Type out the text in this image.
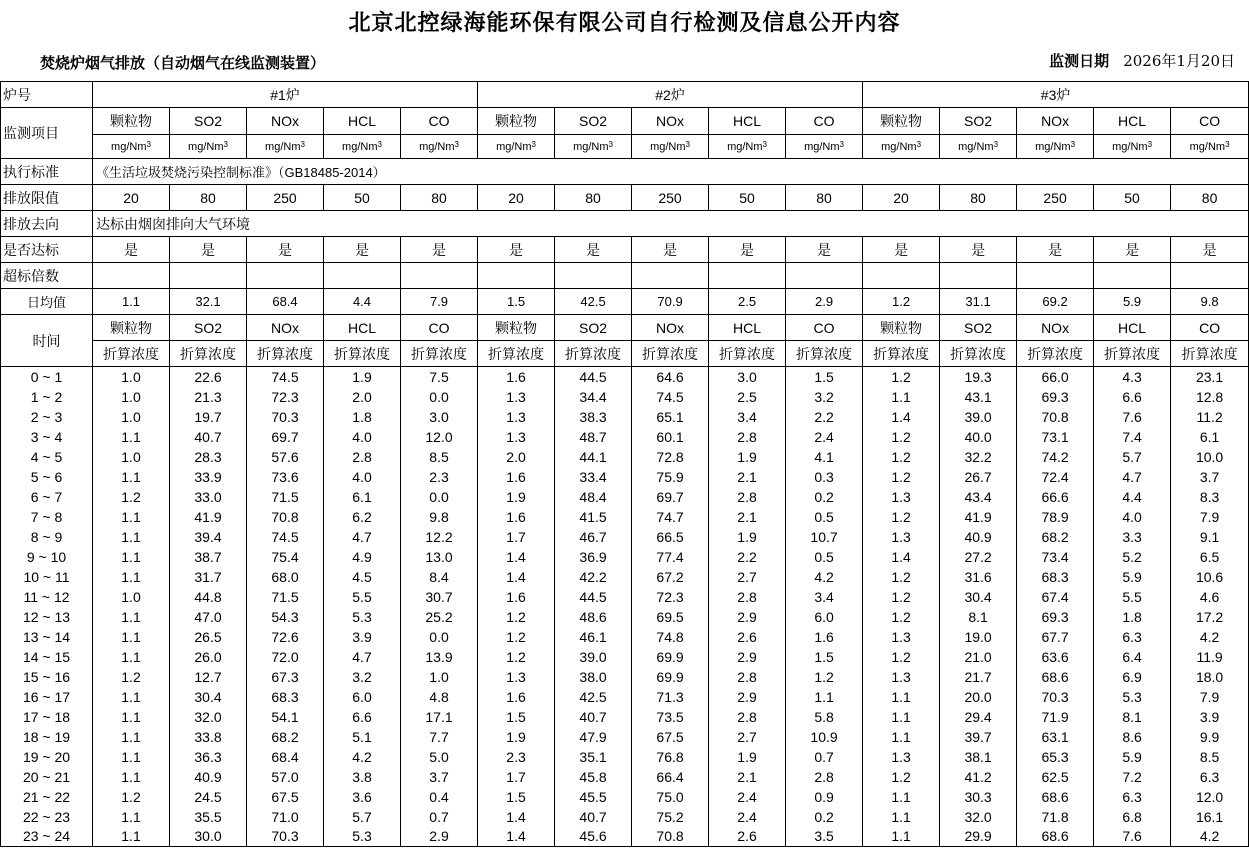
北京北控绿海能环保有限公司自行检测及信息公开内容
焚烧炉烟气排放（自动烟气在线监测装置）	监测日期 2026年1月20日
炉号	#1炉					#2炉					#3炉				
监测项目	颗粒物	SO2	NOx	HCL	CO	颗粒物	SO2	NOx	HCL	CO	颗粒物	SO2	NOx	HCL	CO
	mg/Nm$^3$	mg/Nm$^3$	mg/Nm$^3$	mg/Nm$^3$	mg/Nm$^3$	mg/Nm$^3$	mg/Nm$^3$	mg/Nm$^3$	mg/Nm$^3$	mg/Nm$^3$	mg/Nm$^3$	mg/Nm$^3$	mg/Nm$^3$	mg/Nm$^3$	mg/Nm$^3$
执行标准	《生活垃圾焚烧污染控制标准》（GB18485-2014）														
排放限值	20	80	250	50	80	20	80	250	50	80	20	80	250	50	80
排放去向	达标由烟囱排向大气环境														
是否达标	是	是	是	是	是	是	是	是	是	是	是	是	是	是	是
超标倍数															
日均值	1.1	32.1	68.4	4.4	7.9	1.5	42.5	70.9	2.5	2.9	1.2	31.1	69.2	5.9	9.8
时间	颗粒物	SO2	NOx	HCL	CO	颗粒物	SO2	NOx	HCL	CO	颗粒物	SO2	NOx	HCL	CO
	折算浓度	折算浓度	折算浓度	折算浓度	折算浓度	折算浓度	折算浓度	折算浓度	折算浓度	折算浓度	折算浓度	折算浓度	折算浓度	折算浓度	折算浓度
0 ~ 1	1.0	22.6	74.5	1.9	7.5	1.6	44.5	64.6	3.0	1.5	1.2	19.3	66.0	4.3	23.1
1 ~ 2	1.0	21.3	72.3	2.0	0.0	1.3	34.4	74.5	2.5	3.2	1.1	43.1	69.3	6.6	12.8
2 ~ 3	1.0	19.7	70.3	1.8	3.0	1.3	38.3	65.1	3.4	2.2	1.4	39.0	70.8	7.6	11.2
3 ~ 4	1.1	40.7	69.7	4.0	12.0	1.3	48.7	60.1	2.8	2.4	1.2	40.0	73.1	7.4	6.1
4 ~ 5	1.0	28.3	57.6	2.8	8.5	2.0	44.1	72.8	1.9	4.1	1.2	32.2	74.2	5.7	10.0
5 ~ 6	1.1	33.9	73.6	4.0	2.3	1.6	33.4	75.9	2.1	0.3	1.2	26.7	72.4	4.7	3.7
6 ~ 7	1.2	33.0	71.5	6.1	0.0	1.9	48.4	69.7	2.8	0.2	1.3	43.4	66.6	4.4	8.3
7 ~ 8	1.1	41.9	70.8	6.2	9.8	1.6	41.5	74.7	2.1	0.5	1.2	41.9	78.9	4.0	7.9
8 ~ 9	1.1	39.4	74.5	4.7	12.2	1.7	46.7	66.5	1.9	10.7	1.3	40.9	68.2	3.3	9.1
9 ~ 10	1.1	38.7	75.4	4.9	13.0	1.4	36.9	77.4	2.2	0.5	1.4	27.2	73.4	5.2	6.5
10 ~ 11	1.1	31.7	68.0	4.5	8.4	1.4	42.2	67.2	2.7	4.2	1.2	31.6	68.3	5.9	10.6
11 ~ 12	1.0	44.8	71.5	5.5	30.7	1.6	44.5	72.3	2.8	3.4	1.2	30.4	67.4	5.5	4.6
12 ~ 13	1.1	47.0	54.3	5.3	25.2	1.2	48.6	69.5	2.9	6.0	1.2	8.1	69.3	1.8	17.2
13 ~ 14	1.1	26.5	72.6	3.9	0.0	1.2	46.1	74.8	2.6	1.6	1.3	19.0	67.7	6.3	4.2
14 ~ 15	1.1	26.0	72.0	4.7	13.9	1.2	39.0	69.9	2.9	1.5	1.2	21.0	63.6	6.4	11.9
15 ~ 16	1.2	12.7	67.3	3.2	1.0	1.3	38.0	69.9	2.8	1.2	1.3	21.7	68.6	6.9	18.0
16 ~ 17	1.1	30.4	68.3	6.0	4.8	1.6	42.5	71.3	2.9	1.1	1.1	20.0	70.3	5.3	7.9
17 ~ 18	1.1	32.0	54.1	6.6	17.1	1.5	40.7	73.5	2.8	5.8	1.1	29.4	71.9	8.1	3.9
18 ~ 19	1.1	33.8	68.2	5.1	7.7	1.9	47.9	67.5	2.7	10.9	1.1	39.7	63.1	8.6	9.9
19 ~ 20	1.1	36.3	68.4	4.2	5.0	2.3	35.1	76.8	1.9	0.7	1.3	38.1	65.3	5.9	8.5
20 ~ 21	1.1	40.9	57.0	3.8	3.7	1.7	45.8	66.4	2.1	2.8	1.2	41.2	62.5	7.2	6.3
21 ~ 22	1.2	24.5	67.5	3.6	0.4	1.5	45.5	75.0	2.4	0.9	1.1	30.3	68.6	6.3	12.0
22 ~ 23	1.1	35.5	71.0	5.7	0.7	1.4	40.7	75.2	2.4	0.2	1.1	32.0	71.8	6.8	16.1
23 ~ 24	1.1	30.0	70.3	5.3	2.9	1.4	45.6	70.8	2.6	3.5	1.1	29.9	68.6	7.6	4.2
